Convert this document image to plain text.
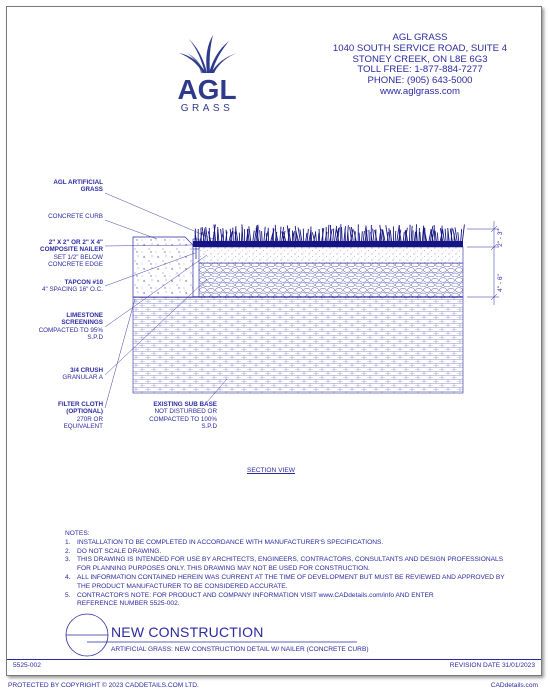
AGL
GRASS
AGL GRASS
1040 SOUTH SERVICE ROAD, SUITE 4
STONEY CREEK, ON L8E 6G3
TOLL FREE: 1-877-884-7277
PHONE: (905) 643-5000
www.aglgrass.com
2" - 3"
4" - 6"
AGL ARTIFICIAL
GRASS
CONCRETE CURB
2" X 2" OR 2" X 4"
COMPOSITE NAILER
SET 1/2" BELOW
CONCRETE EDGE
TAPCON #10
4" SPACING 16" O.C.
LIMESTONE
SCREENINGS
COMPACTED TO 95%
S.P.D
3/4 CRUSH
GRANULAR A
FILTER CLOTH
(OPTIONAL)
270R OR
EQUIVALENT
EXISTING SUB BASE
NOT DISTURBED OR
COMPACTED TO 100%
S.P.D
SECTION VIEW
NOTES:
1. INSTALLATION TO BE COMPLETED IN ACCORDANCE WITH MANUFACTURER'S SPECIFICATIONS.
2. DO NOT SCALE DRAWING.
3. THIS DRAWING IS INTENDED FOR USE BY ARCHITECTS, ENGINEERS, CONTRACTORS, CONSULTANTS AND DESIGN PROFESSIONALS
FOR PLANNING PURPOSES ONLY. THIS DRAWING MAY NOT BE USED FOR CONSTRUCTION.
4. ALL INFORMATION CONTAINED HEREIN WAS CURRENT AT THE TIME OF DEVELOPMENT BUT MUST BE REVIEWED AND APPROVED BY
THE PRODUCT MANUFACTURER TO BE CONSIDERED ACCURATE.
5. CONTRACTOR'S NOTE: FOR PRODUCT AND COMPANY INFORMATION VISIT www.CADdetails.com/info AND ENTER
REFERENCE NUMBER 5525-002.
NEW CONSTRUCTION
ARTIFICIAL GRASS: NEW CONSTRUCTION DETAIL W/ NAILER (CONCRETE CURB)
5525-002	REVISION DATE 31/01/2023
PROTECTED BY COPYRIGHT © 2023 CADDETAILS.COM LTD.	CADdetails.com
